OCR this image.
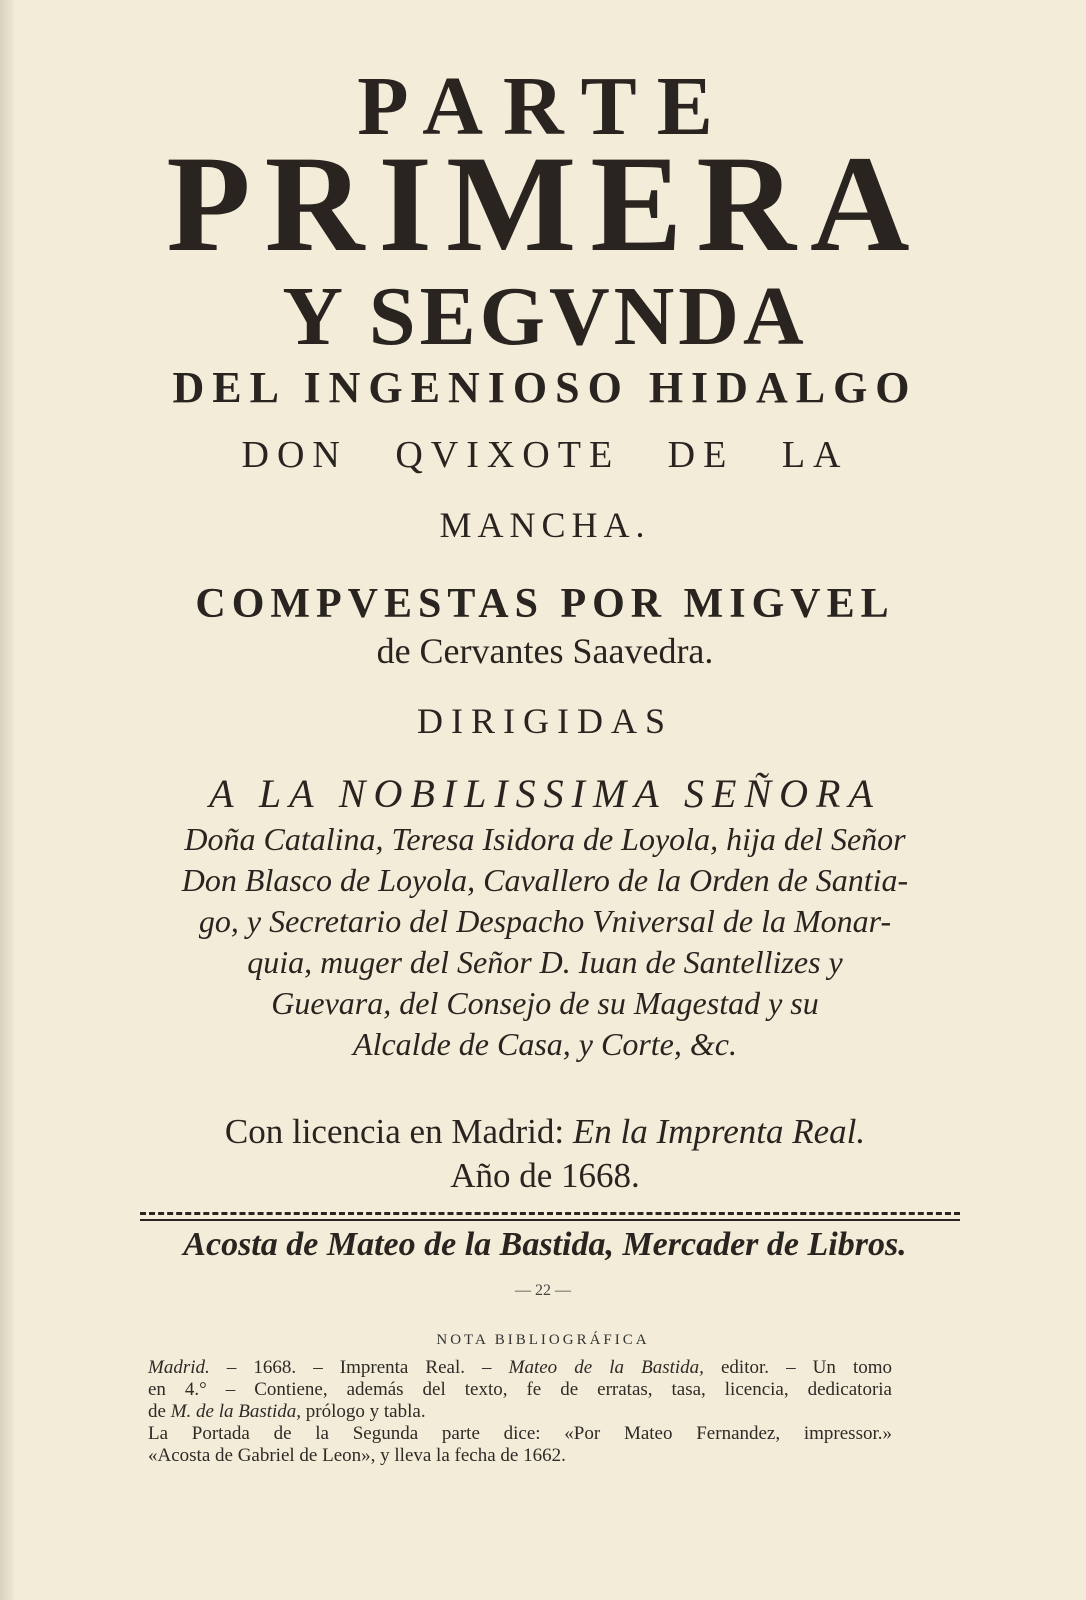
PARTE
PRIMERA
Y SEGVNDA
DEL INGENIOSO HIDALGO
DON QVIXOTE DE LA
MANCHA.
COMPVESTAS POR MIGVEL
de Cervantes Saavedra.
DIRIGIDAS
A LA NOBILISSIMA SEÑORA
Doña Catalina, Teresa Isidora de Loyola, hija del Señor
Don Blasco de Loyola, Cavallero de la Orden de Santia-
go, y Secretario del Despacho Vniversal de la Monar-
quia, muger del Señor D. Iuan de Santellizes y
Guevara, del Consejo de su Magestad y su
Alcalde de Casa, y Corte, &c.
Con licencia en Madrid: En la Imprenta Real.
Año de 1668.
Acosta de Mateo de la Bastida, Mercader de Libros.
— 22 —
NOTA BIBLIOGRÁFICA
Madrid. – 1668. – Imprenta Real. – Mateo de la Bastida, editor. – Un tomo
en 4.° – Contiene, además del texto, fe de erratas, tasa, licencia, dedicatoria
de M. de la Bastida, prólogo y tabla.
La Portada de la Segunda parte dice: «Por Mateo Fernandez, impressor.»
«Acosta de Gabriel de Leon», y lleva la fecha de 1662.
